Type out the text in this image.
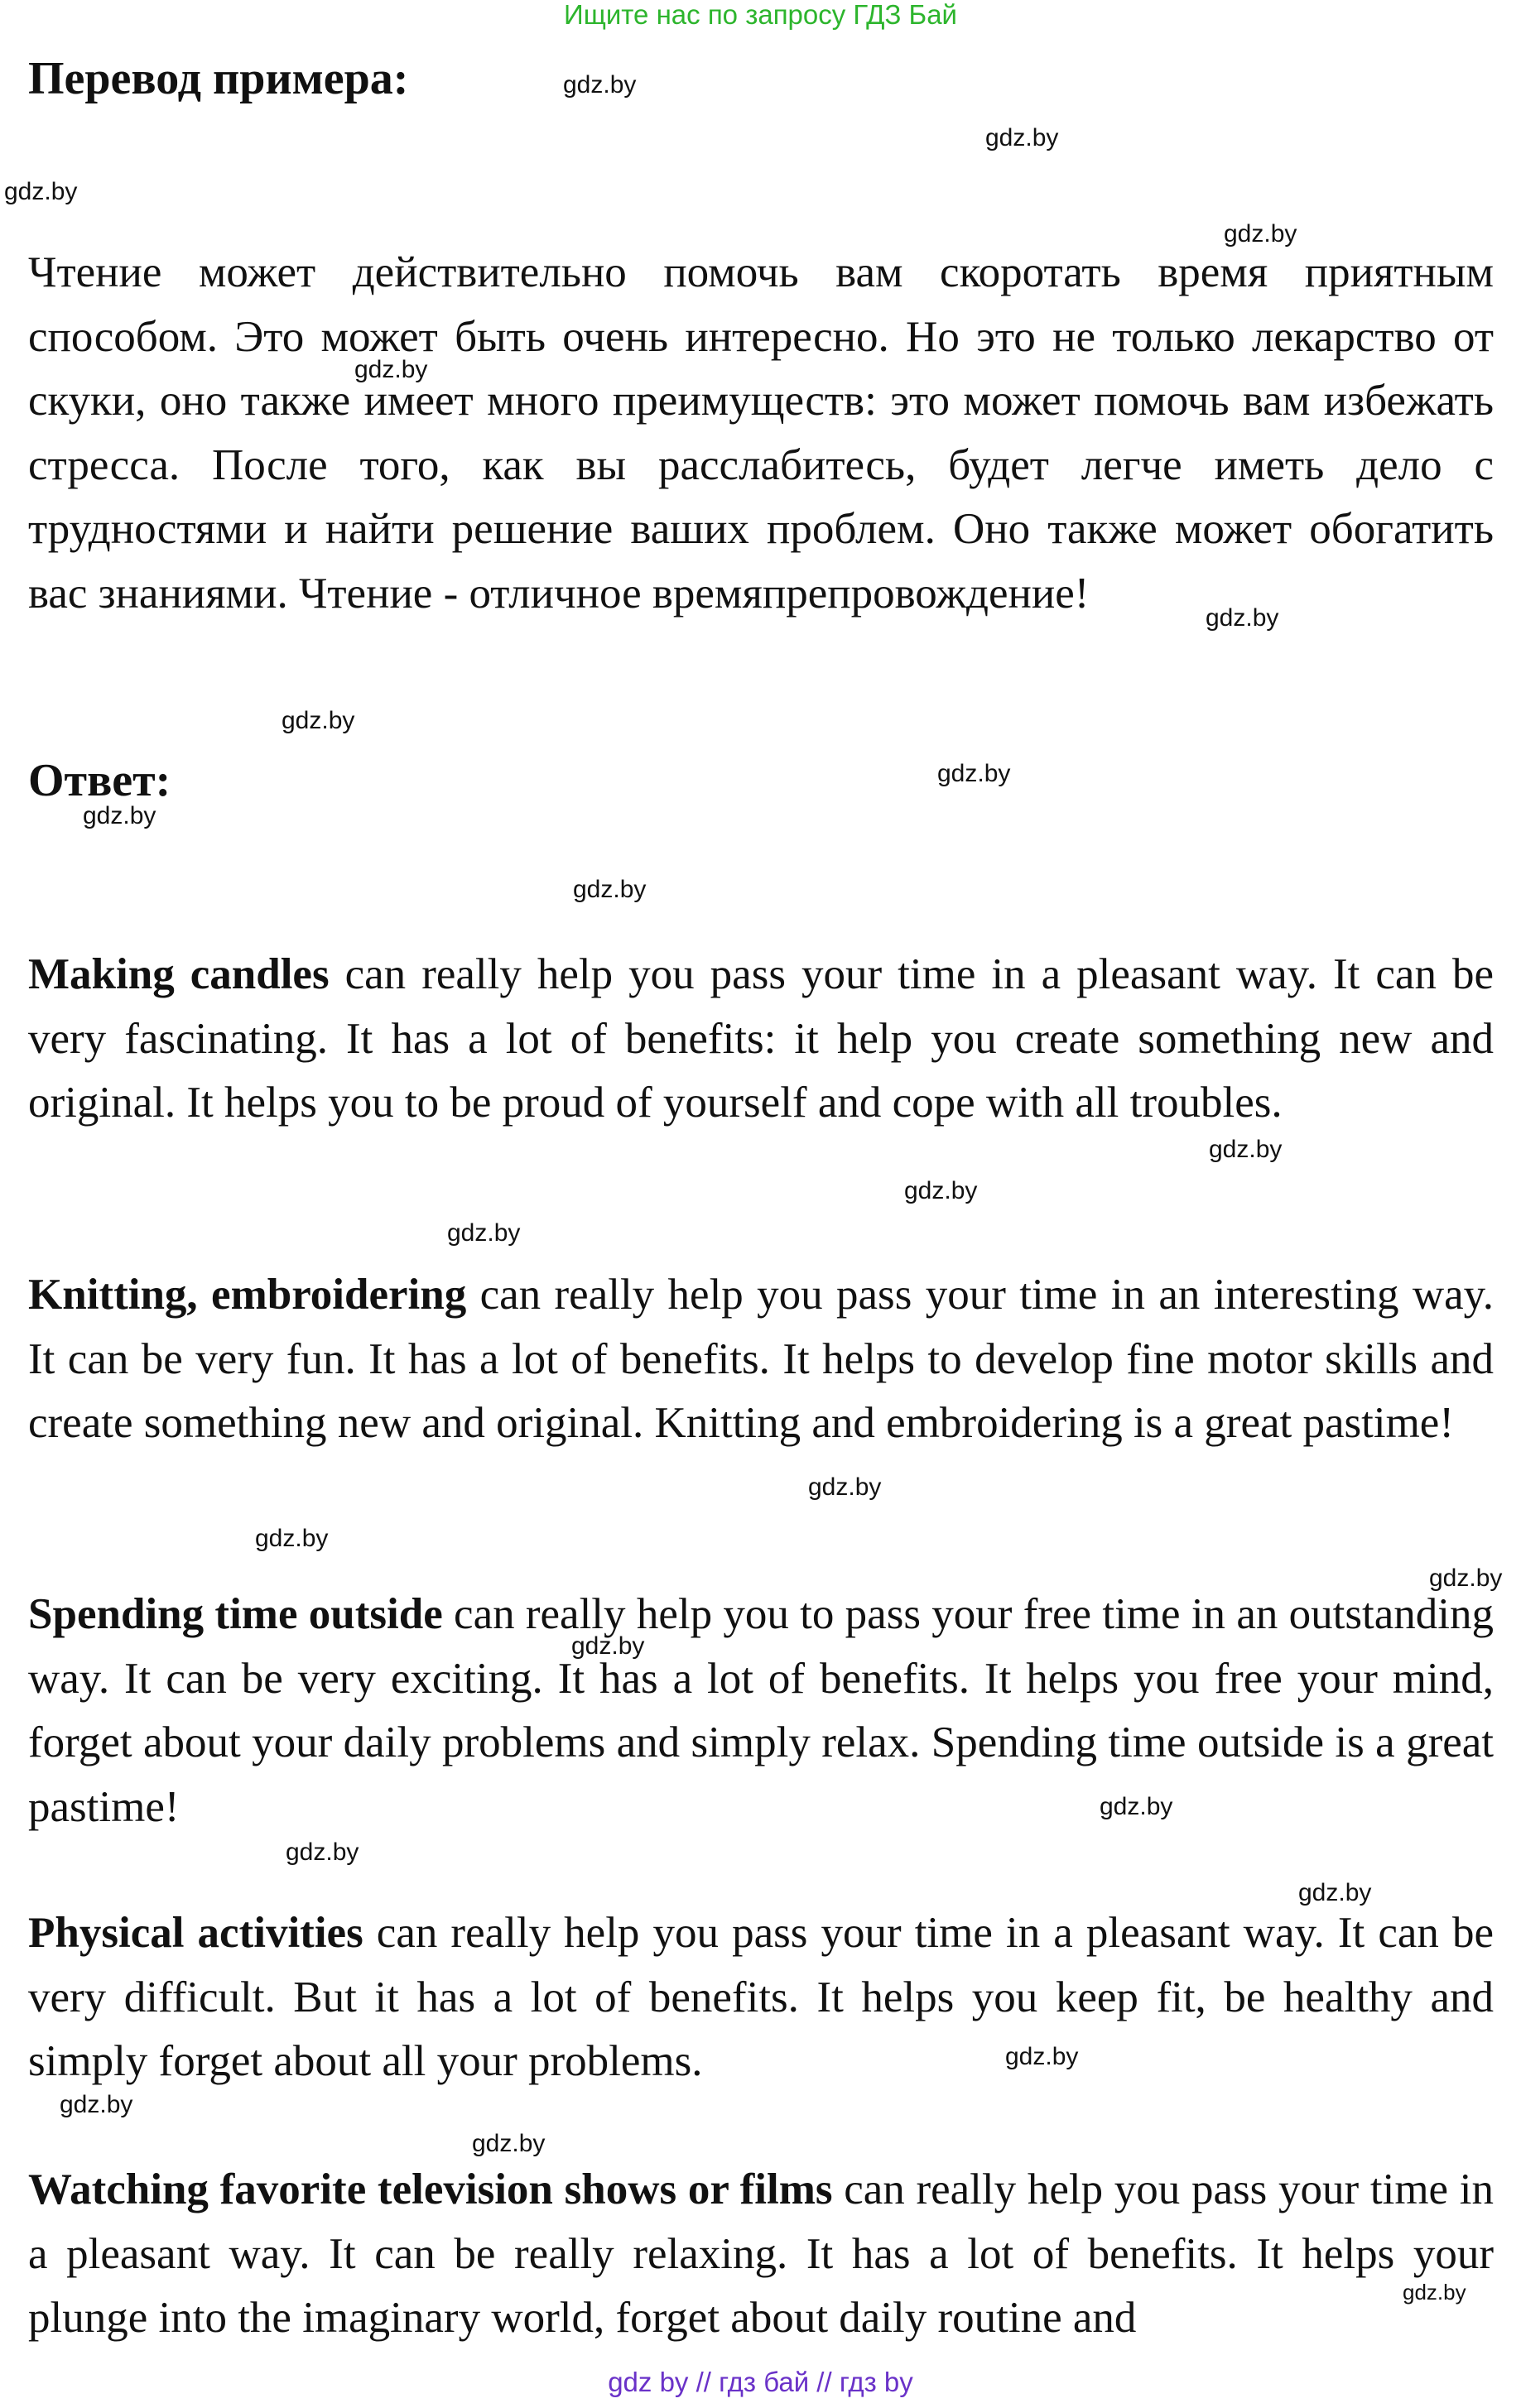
Ищите нас по запросу ГДЗ Бай
Перевод примера:

Чтение может действительно помочь вам скоротать время приятным способом. Это может быть очень интересно. Но это не только лекарство от скуки, оно также имеет много преимуществ: это может помочь вам избежать стресса. После того, как вы расслабитесь, будет легче иметь дело с трудностями и найти решение ваших проблем. Оно также может обогатить вас знаниями. Чтение - отличное времяпрепровождение!

Ответ:

Making candles can really help you pass your time in a pleasant way. It can be very fascinating. It has a lot of benefits: it help you create something new and original. It helps you to be proud of yourself and cope with all troubles.

Knitting, embroidering can really help you pass your time in an interesting way. It can be very fun. It has a lot of benefits. It helps to develop fine motor skills and create something new and original. Knitting and embroidering is a great pastime!

Spending time outside can really help you to pass your free time in an outstanding way. It can be very exciting. It has a lot of benefits. It helps you free your mind, forget about your daily problems and simply relax. Spending time outside is a great pastime!

Physical activities can really help you pass your time in a pleasant way. It can be very difficult. But it has a lot of benefits. It helps you keep fit, be healthy and simply forget about all your problems.

Watching favorite television shows or films can really help you pass your time in a pleasant way. It can be really relaxing. It has a lot of benefits. It helps your plunge into the imaginary world, forget about daily routine and

gdz.by
gdz.by
gdz.by
gdz.by
gdz.by
gdz.by
gdz.by
gdz.by
gdz.by
gdz.by
gdz.by
gdz.by
gdz.by
gdz.by
gdz.by
gdz.by
gdz.by
gdz.by
gdz.by
gdz.by
gdz.by
gdz.by
gdz.by
gdz.by
gdz by // гдз бай // гдз by
